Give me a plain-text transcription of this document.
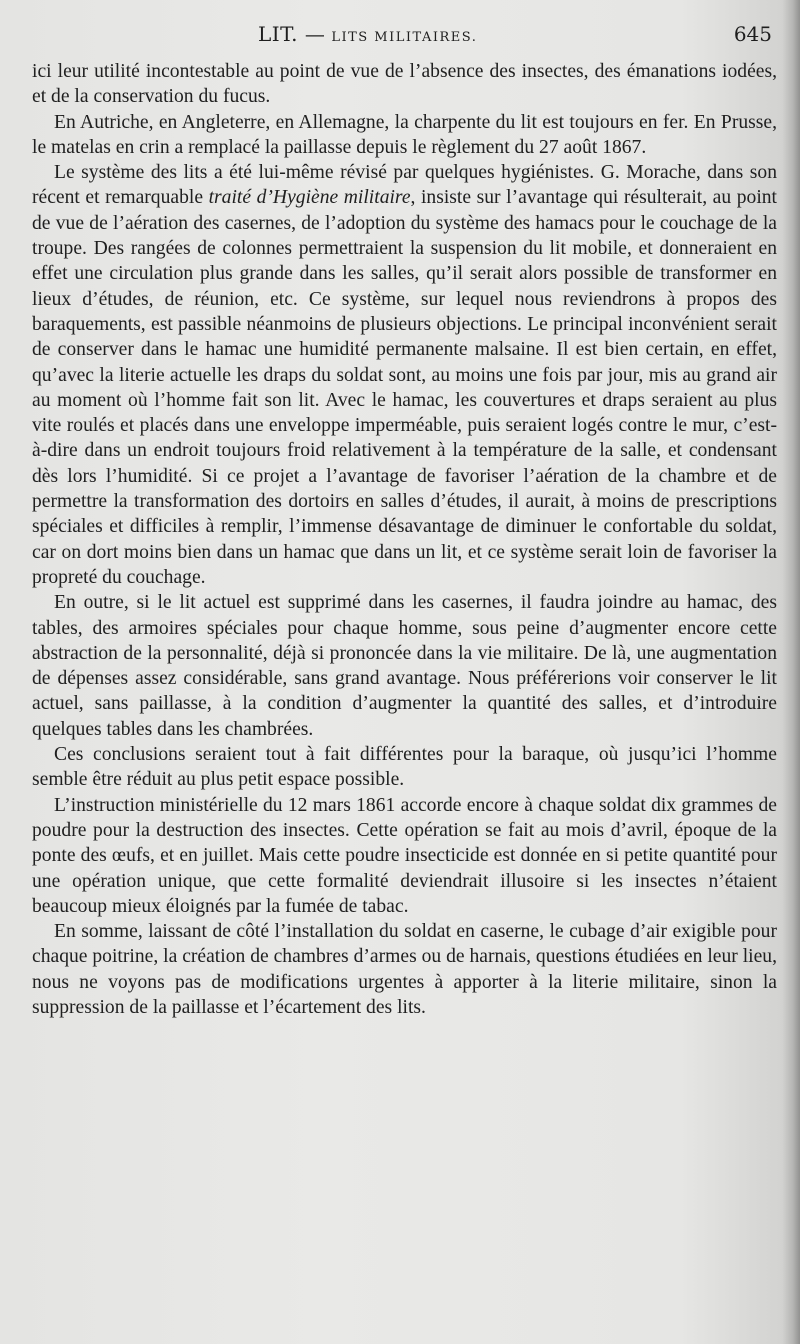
LIT. — LITS MILITAIRES.	645

ici leur utilité incontestable au point de vue de l’absence des insectes, des émanations iodées, et de la conservation du fucus.

En Autriche, en Angleterre, en Allemagne, la charpente du lit est toujours en fer. En Prusse, le matelas en crin a remplacé la paillasse depuis le règlement du 27 août 1867.

Le système des lits a été lui-même révisé par quelques hygiénistes. G. Morache, dans son récent et remarquable traité d’Hygiène militaire, insiste sur l’avantage qui résulterait, au point de vue de l’aération des casernes, de l’adoption du système des hamacs pour le couchage de la troupe. Des rangées de colonnes permettraient la suspension du lit mobile, et donneraient en effet une circulation plus grande dans les salles, qu’il serait alors possible de transformer en lieux d’études, de réunion, etc. Ce système, sur lequel nous reviendrons à propos des baraquements, est passible néanmoins de plusieurs objections. Le principal inconvénient serait de conserver dans le hamac une humidité permanente malsaine. Il est bien certain, en effet, qu’avec la literie actuelle les draps du soldat sont, au moins une fois par jour, mis au grand air au moment où l’homme fait son lit. Avec le hamac, les couvertures et draps seraient au plus vite roulés et placés dans une enveloppe imperméable, puis seraient logés contre le mur, c’est-à-dire dans un endroit toujours froid relativement à la température de la salle, et condensant dès lors l’humidité. Si ce projet a l’avantage de favoriser l’aération de la chambre et de permettre la transformation des dortoirs en salles d’études, il aurait, à moins de prescriptions spéciales et difficiles à remplir, l’immense désavantage de diminuer le confortable du soldat, car on dort moins bien dans un hamac que dans un lit, et ce système serait loin de favoriser la propreté du couchage.

En outre, si le lit actuel est supprimé dans les casernes, il faudra joindre au hamac, des tables, des armoires spéciales pour chaque homme, sous peine d’augmenter encore cette abstraction de la personnalité, déjà si prononcée dans la vie militaire. De là, une augmentation de dépenses assez considérable, sans grand avantage. Nous préférerions voir conserver le lit actuel, sans paillasse, à la condition d’augmenter la quantité des salles, et d’introduire quelques tables dans les chambrées.

Ces conclusions seraient tout à fait différentes pour la baraque, où jusqu’ici l’homme semble être réduit au plus petit espace possible.

L’instruction ministérielle du 12 mars 1861 accorde encore à chaque soldat dix grammes de poudre pour la destruction des insectes. Cette opération se fait au mois d’avril, époque de la ponte des œufs, et en juillet. Mais cette poudre insecticide est donnée en si petite quantité pour une opération unique, que cette formalité deviendrait illusoire si les insectes n’étaient beaucoup mieux éloignés par la fumée de tabac.

En somme, laissant de côté l’installation du soldat en caserne, le cubage d’air exigible pour chaque poitrine, la création de chambres d’armes ou de harnais, questions étudiées en leur lieu, nous ne voyons pas de modifications urgentes à apporter à la literie militaire, sinon la suppression de la paillasse et l’écartement des lits.
